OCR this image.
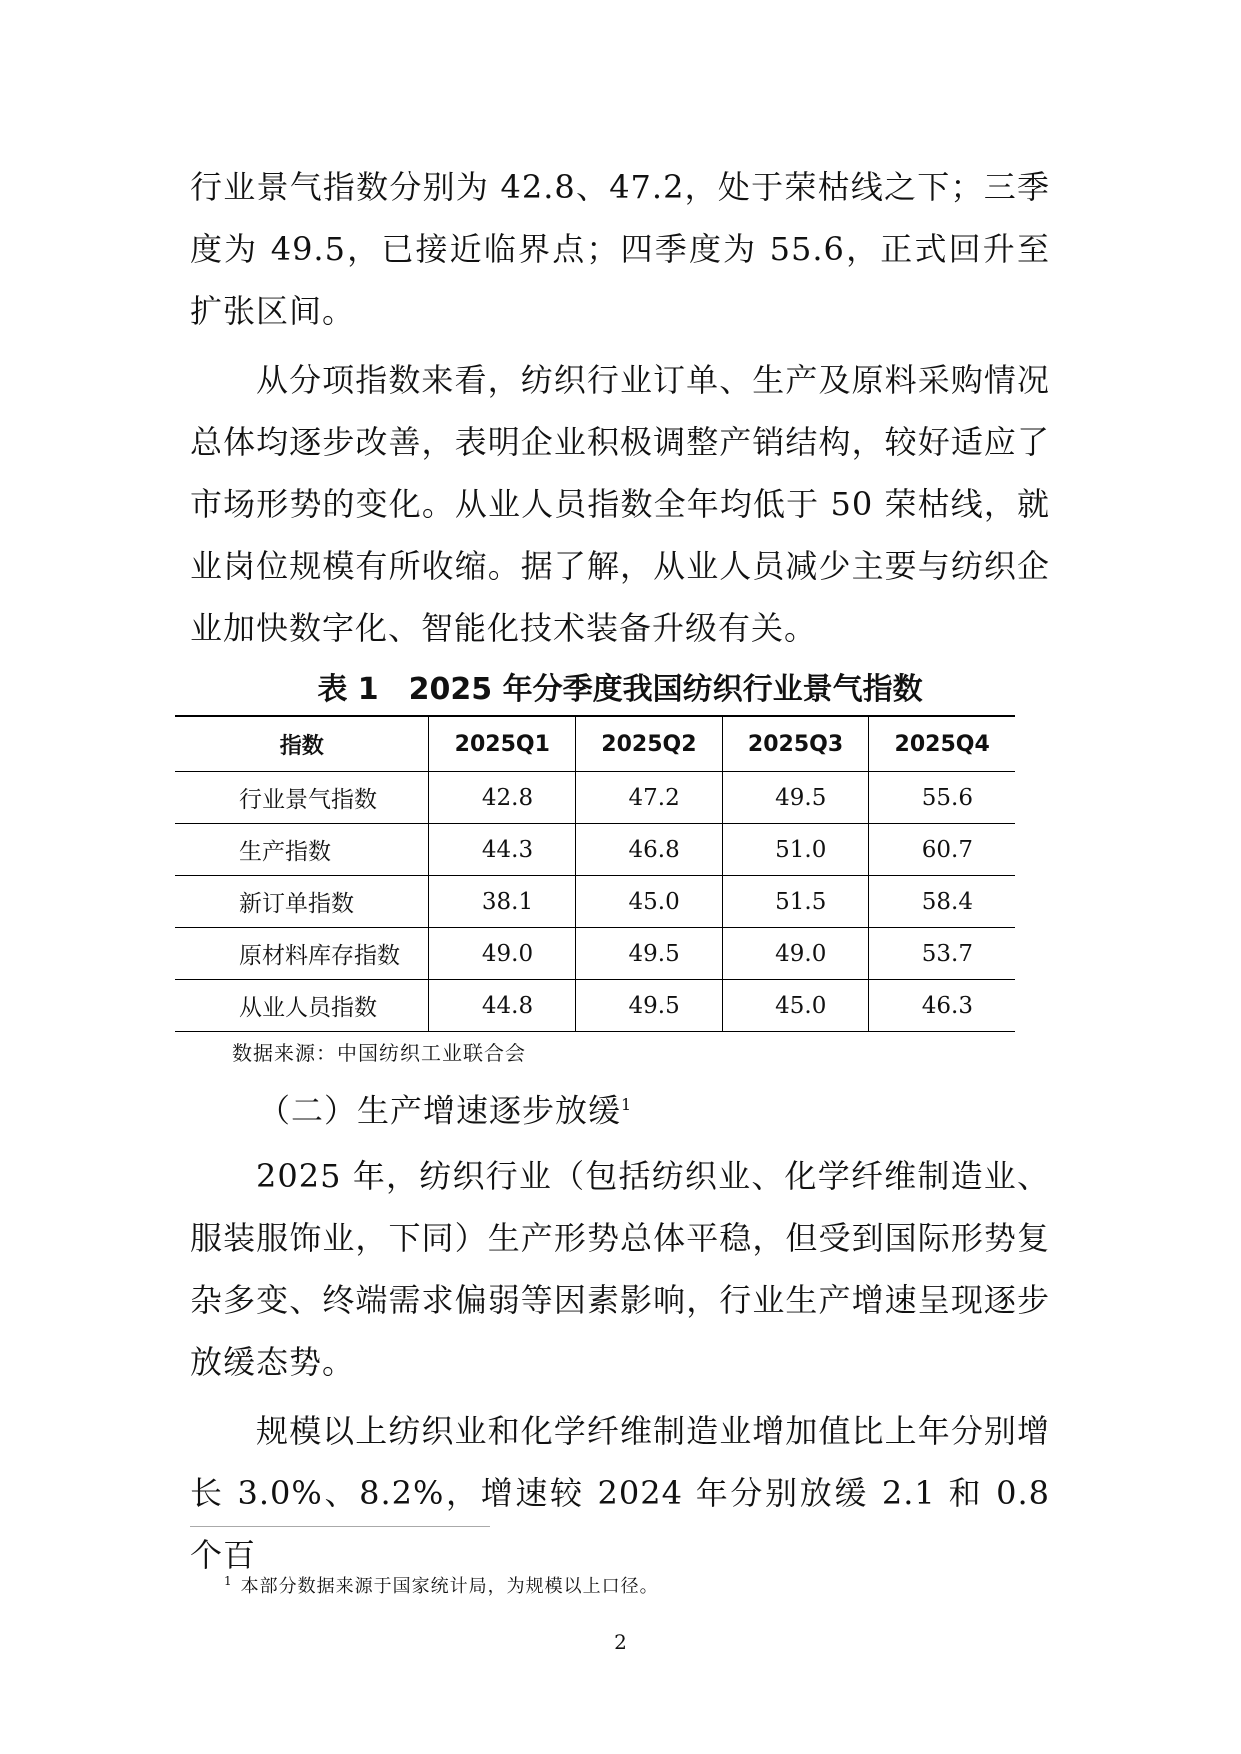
行业景气指数分别为 42.8、47.2，处于荣枯线之下；三季度为 49.5，已接近临界点；四季度为 55.6，正式回升至扩张区间。

从分项指数来看，纺织行业订单、生产及原料采购情况总体均逐步改善，表明企业积极调整产销结构，较好适应了市场形势的变化。从业人员指数全年均低于 50 荣枯线，就业岗位规模有所收缩。据了解，从业人员减少主要与纺织企业加快数字化、智能化技术装备升级有关。

表 1　2025 年分季度我国纺织行业景气指数

指数	2025Q1	2025Q2	2025Q3	2025Q4
行业景气指数	42.8	47.2	49.5	55.6
生产指数	44.3	46.8	51.0	60.7
新订单指数	38.1	45.0	51.5	58.4
原材料库存指数	49.0	49.5	49.0	53.7
从业人员指数	44.8	49.5	45.0	46.3

数据来源：中国纺织工业联合会

（二）生产增速逐步放缓$^1$

2025 年，纺织行业（包括纺织业、化学纤维制造业、服装服饰业，下同）生产形势总体平稳，但受到国际形势复杂多变、终端需求偏弱等因素影响，行业生产增速呈现逐步放缓态势。

规模以上纺织业和化学纤维制造业增加值比上年分别增长 3.0%、8.2%，增速较 2024 年分别放缓 2.1 和 0.8 个百

$^1$ 本部分数据来源于国家统计局，为规模以上口径。

2
